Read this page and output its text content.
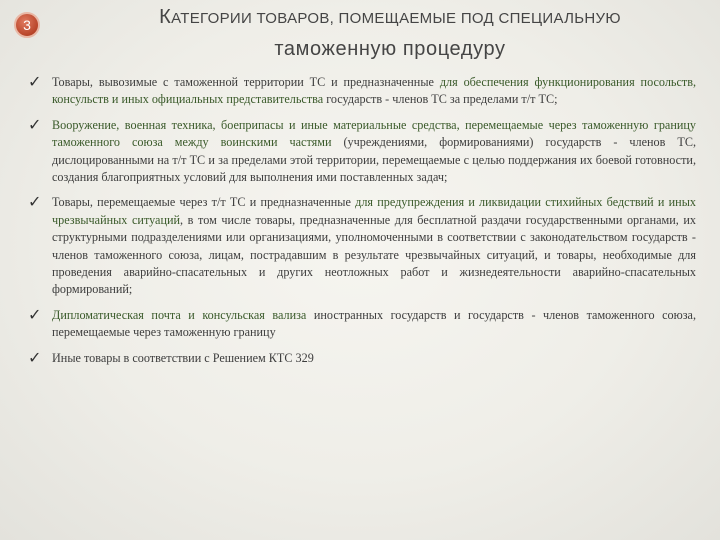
3	КАТЕГОРИИ ТОВАРОВ, ПОМЕЩАЕМЫЕ ПОД СПЕЦИАЛЬНУЮ
таможенную процедуру
✓ Товары, вывозимые с таможенной территории ТС и предназначенные для обеспечения функционирования посольств, консульств и иных официальных представительства государств - членов ТС за пределами т/т ТС;
✓ Вооружение, военная техника, боеприпасы и иные материальные средства, перемещаемые через таможенную границу таможенного союза между воинскими частями (учреждениями, формированиями) государств - членов ТС, дислоцированными на т/т ТС и за пределами этой территории, перемещаемые с целью поддержания их боевой готовности, создания благоприятных условий для выполнения ими поставленных задач;
✓ Товары, перемещаемые через т/т ТС и предназначенные для предупреждения и ликвидации стихийных бедствий и иных чрезвычайных ситуаций, в том числе товары, предназначенные для бесплатной раздачи государственными органами, их структурными подразделениями или организациями, уполномоченными в соответствии с законодательством государств - членов таможенного союза, лицам, пострадавшим в результате чрезвычайных ситуаций, и товары, необходимые для проведения аварийно-спасательных и других неотложных работ и жизнедеятельности аварийно-спасательных формирований;
✓ Дипломатическая почта и консульская вализа иностранных государств и государств - членов таможенного союза, перемещаемые через таможенную границу
✓ Иные товары в соответствии с Решением КТС 329
